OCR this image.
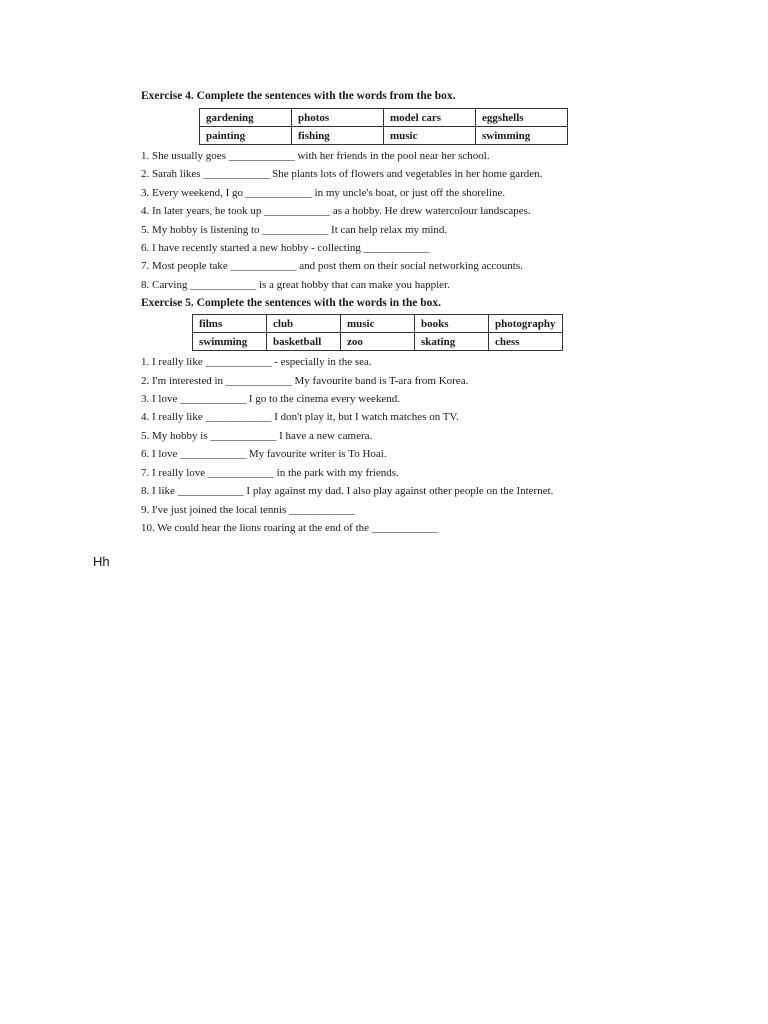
Exercise 4. Complete the sentences with the words from the box.

gardening	photos	model cars	eggshells
painting	fishing	music	swimming
1. She usually goes ____________ with her friends in the pool near her school.
2. Sarah likes ____________ She plants lots of flowers and vegetables in her home garden.
3. Every weekend, I go ____________ in my uncle's boat, or just off the shoreline.
4. In later years, he took up ____________ as a hobby. He drew watercolour landscapes.
5. My hobby is listening to ____________ It can help relax my mind.
6. I have recently started a new hobby - collecting ____________
7. Most people take ____________ and post them on their social networking accounts.
8. Carving ____________ is a great hobby that can make you happier.

Exercise 5. Complete the sentences with the words in the box.

films	club	music	books	photography
swimming	basketball	zoo	skating	chess
1. I really like ____________ - especially in the sea.
2. I'm interested in ____________ My favourite band is T-ara from Korea.
3. I love ____________ I go to the cinema every weekend.
4. I really like ____________ I don't play it, but I watch matches on TV.
5. My hobby is ____________ I have a new camera.
6. I love ____________ My favourite writer is To Hoai.
7. I really love ____________ in the park with my friends.
8. I like ____________ I play against my dad. I also play against other people on the Internet.
9. I've just joined the local tennis ____________
10. We could hear the lions roaring at the end of the ____________
Hh
